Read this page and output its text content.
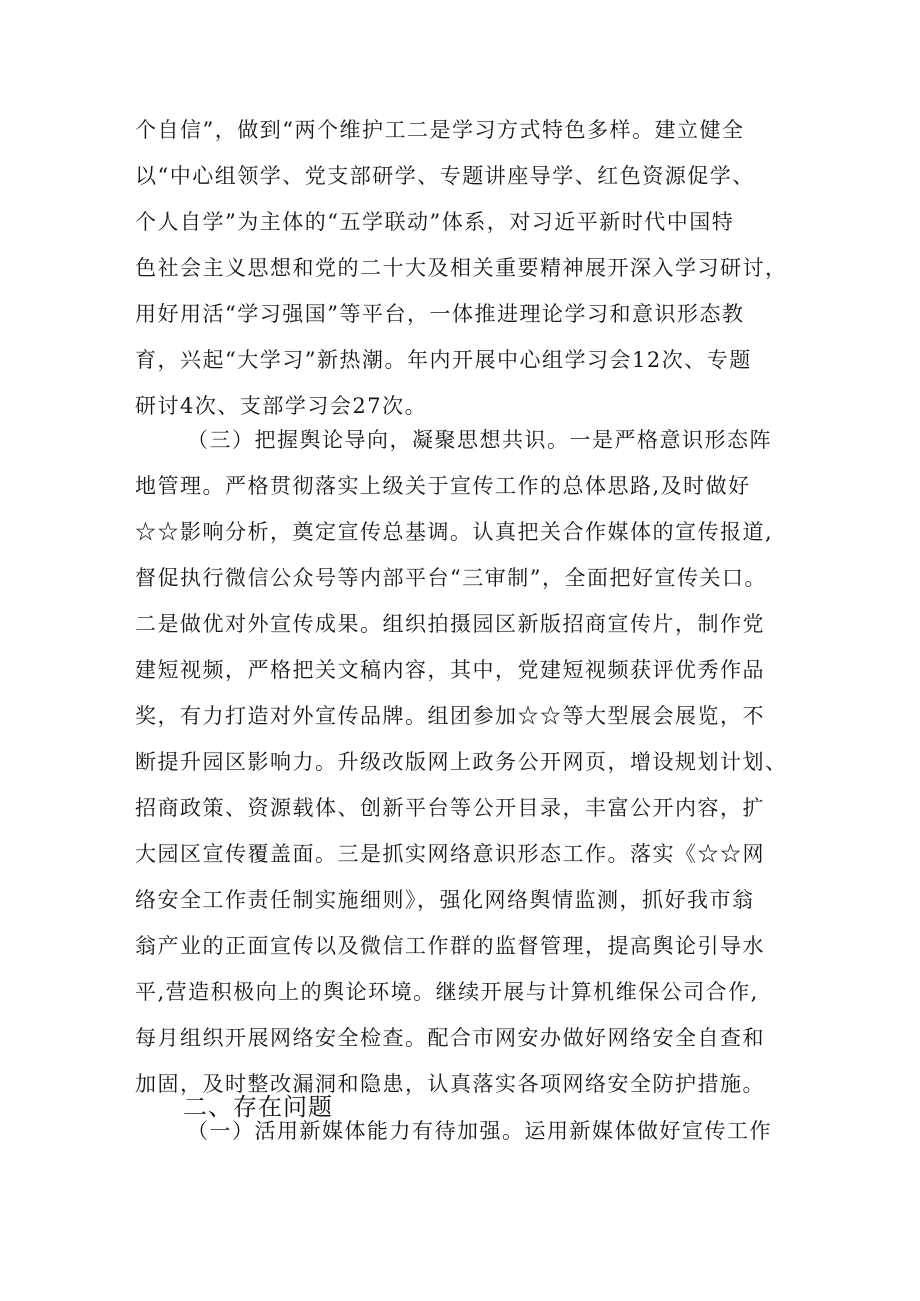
个自信”，做到“两个维护工二是学习方式特色多样。建立健全
以“中心组领学、党支部研学、专题讲座导学、红色资源促学、
个人自学”为主体的“五学联动”体系，对习近平新时代中国特
色社会主义思想和党的二十大及相关重要精神展开深入学习研讨，
用好用活“学习强国”等平台，一体推进理论学习和意识形态教
育，兴起“大学习”新热潮。年内开展中心组学习会12次、专题
研讨4次、支部学习会27次。
（三）把握舆论导向，凝聚思想共识。一是严格意识形态阵
地管理。严格贯彻落实上级关于宣传工作的总体思路,及时做好
☆☆影响分析，奠定宣传总基调。认真把关合作媒体的宣传报道,
督促执行微信公众号等内部平台“三审制”，全面把好宣传关口。
二是做优对外宣传成果。组织拍摄园区新版招商宣传片，制作党
建短视频，严格把关文稿内容，其中，党建短视频获评优秀作品
奖，有力打造对外宣传品牌。组团参加☆☆等大型展会展览，不
断提升园区影响力。升级改版网上政务公开网页，增设规划计划、
招商政策、资源载体、创新平台等公开目录，丰富公开内容，扩
大园区宣传覆盖面。三是抓实网络意识形态工作。落实《☆☆网
络安全工作责任制实施细则》，强化网络舆情监测，抓好我市翁
翁产业的正面宣传以及微信工作群的监督管理，提高舆论引导水
平,营造积极向上的舆论环境。继续开展与计算机维保公司合作,
每月组织开展网络安全检查。配合市网安办做好网络安全自查和
加固，及时整改漏洞和隐患，认真落实各项网络安全防护措施。
二、存在问题
（一）活用新媒体能力有待加强。运用新媒体做好宣传工作
